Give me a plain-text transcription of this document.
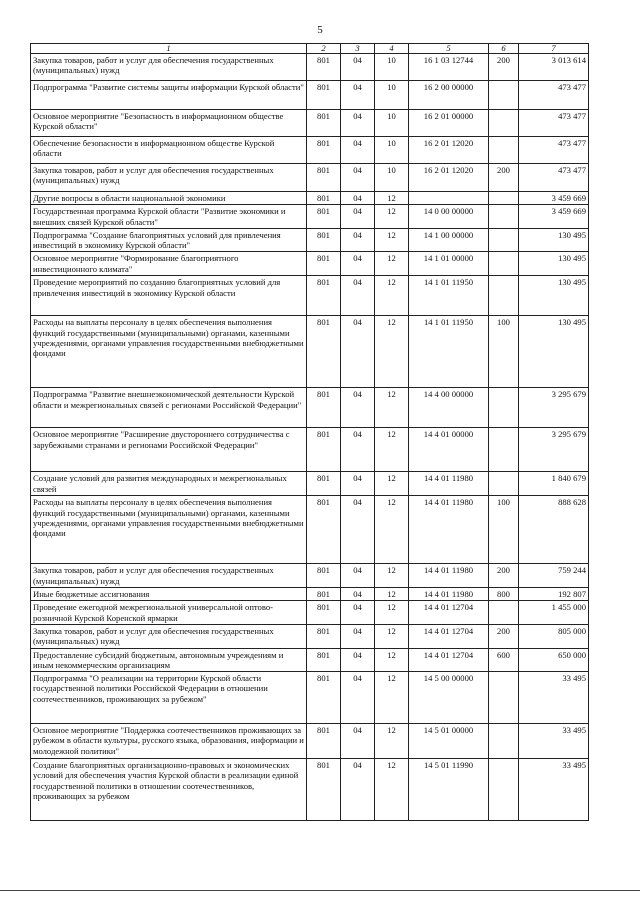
5
1	2	3	4	5	6	7
Закупка товаров, работ и услуг для обеспечения государственных (муниципальных) нужд	801	04	10	16 1 03 12744	200	3 013 614
Подпрограмма "Развитие системы защиты информации Курской области"	801	04	10	16 2 00 00000		473 477
Основное мероприятие "Безопасность в информационном обществе Курской области"	801	04	10	16 2 01 00000		473 477
Обеспечение безопасности в информационном обществе Курской области	801	04	10	16 2 01 12020		473 477
Закупка товаров, работ и услуг для обеспечения государственных (муниципальных) нужд	801	04	10	16 2 01 12020	200	473 477
Другие вопросы в области национальной экономики	801	04	12			3 459 669
Государственная программа Курской области "Развитие экономики и внешних связей Курской области"	801	04	12	14 0 00 00000		3 459 669
Подпрограмма "Создание благоприятных условий для привлечения инвестиций в экономику Курской области"	801	04	12	14 1 00 00000		130 495
Основное мероприятие "Формирование благоприятного инвестиционного климата"	801	04	12	14 1 01 00000		130 495
Проведение мероприятий по созданию благоприятных условий для привлечения инвестиций в экономику Курской области	801	04	12	14 1 01 11950		130 495
Расходы на выплаты персоналу в целях обеспечения выполнения функций государственными (муниципальными) органами, казенными учреждениями, органами управления государственными внебюджетными фондами	801	04	12	14 1 01 11950	100	130 495
Подпрограмма "Развитие внешнеэкономической деятельности Курской области и межрегиональных связей с регионами Российской Федерации"	801	04	12	14 4 00 00000		3 295 679
Основное мероприятие "Расширение двустороннего сотрудничества с зарубежными странами и регионами Российской Федерации"	801	04	12	14 4 01 00000		3 295 679
Создание условий для развития международных и межрегиональных связей	801	04	12	14 4 01 11980		1 840 679
Расходы на выплаты персоналу в целях обеспечения выполнения функций государственными (муниципальными) органами, казенными учреждениями, органами управления государственными внебюджетными фондами	801	04	12	14 4 01 11980	100	888 628
Закупка товаров, работ и услуг для обеспечения государственных (муниципальных) нужд	801	04	12	14 4 01 11980	200	759 244
Иные бюджетные ассигнования	801	04	12	14 4 01 11980	800	192 807
Проведение ежегодной межрегиональной универсальной оптово-розничной Курской Коренской ярмарки	801	04	12	14 4 01 12704		1 455 000
Закупка товаров, работ и услуг для обеспечения государственных (муниципальных) нужд	801	04	12	14 4 01 12704	200	805 000
Предоставление субсидий бюджетным, автономным учреждениям и иным некоммерческим организациям	801	04	12	14 4 01 12704	600	650 000
Подпрограмма "О реализации на территории Курской области государственной политики Российской Федерации в отношении соотечественников, проживающих за рубежом"	801	04	12	14 5 00 00000		33 495
Основное мероприятие "Поддержка соотечественников проживающих за рубежом в области культуры, русского языка, образования, информации и молодежной политики"	801	04	12	14 5 01 00000		33 495
Создание благоприятных организационно-правовых и экономических условий для обеспечения участия Курской области в реализации единой государственной политики в отношении соотечественников, проживающих за рубежом	801	04	12	14 5 01 11990		33 495
